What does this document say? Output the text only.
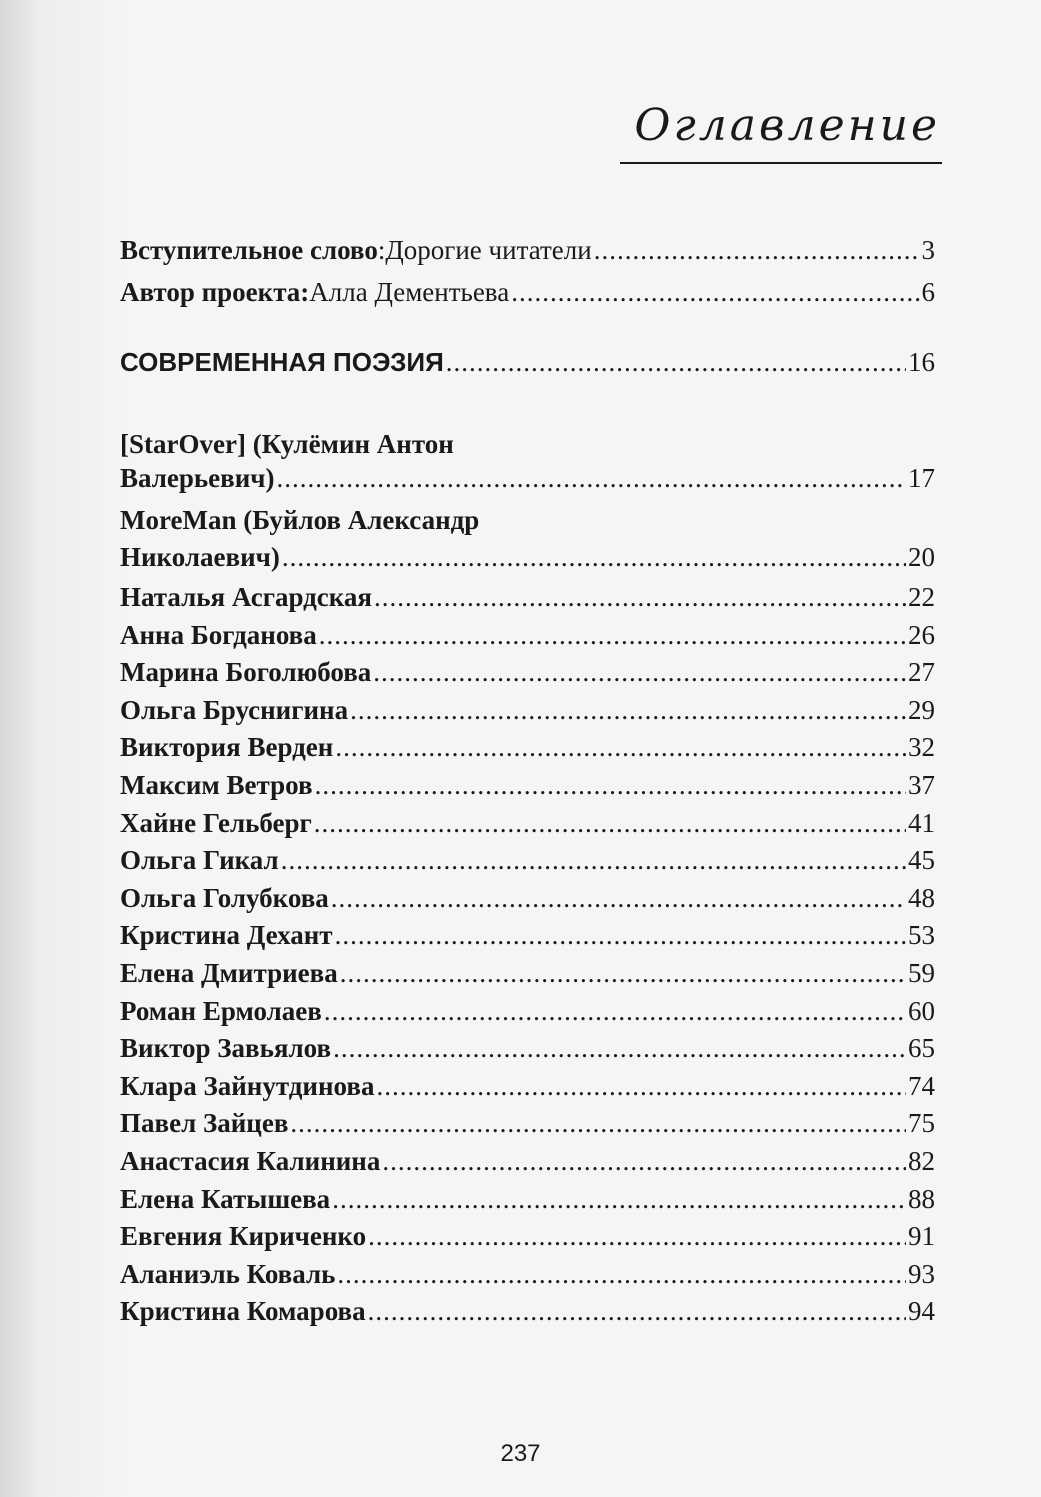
Оглавление
Вступительное слово : Дорогие читатели .....	3
Автор проекта: Алла Дементьева .....	6
СОВРЕМЕННАЯ ПОЭЗИЯ .....	16
[StarOver] (Кулёмин Антон
Валерьевич) .....	17
MoreMan (Буйлов Александр
Николаевич) .....	20
Наталья Асгардская .....	22
Анна Богданова .....	26
Марина Боголюбова .....	27
Ольга Бруснигина .....	29
Виктория Верден .....	32
Максим Ветров .....	37
Хайне Гельберг .....	41
Ольга Гикал .....	45
Ольга Голубкова .....	48
Кристина Дехант .....	53
Елена Дмитриева .....	59
Роман Ермолаев .....	60
Виктор Завьялов .....	65
Клара Зайнутдинова .....	74
Павел Зайцев .....	75
Анастасия Калинина .....	82
Елена Катышева .....	88
Евгения Кириченко .....	91
Аланиэль Коваль .....	93
Кристина Комарова .....	94
237
